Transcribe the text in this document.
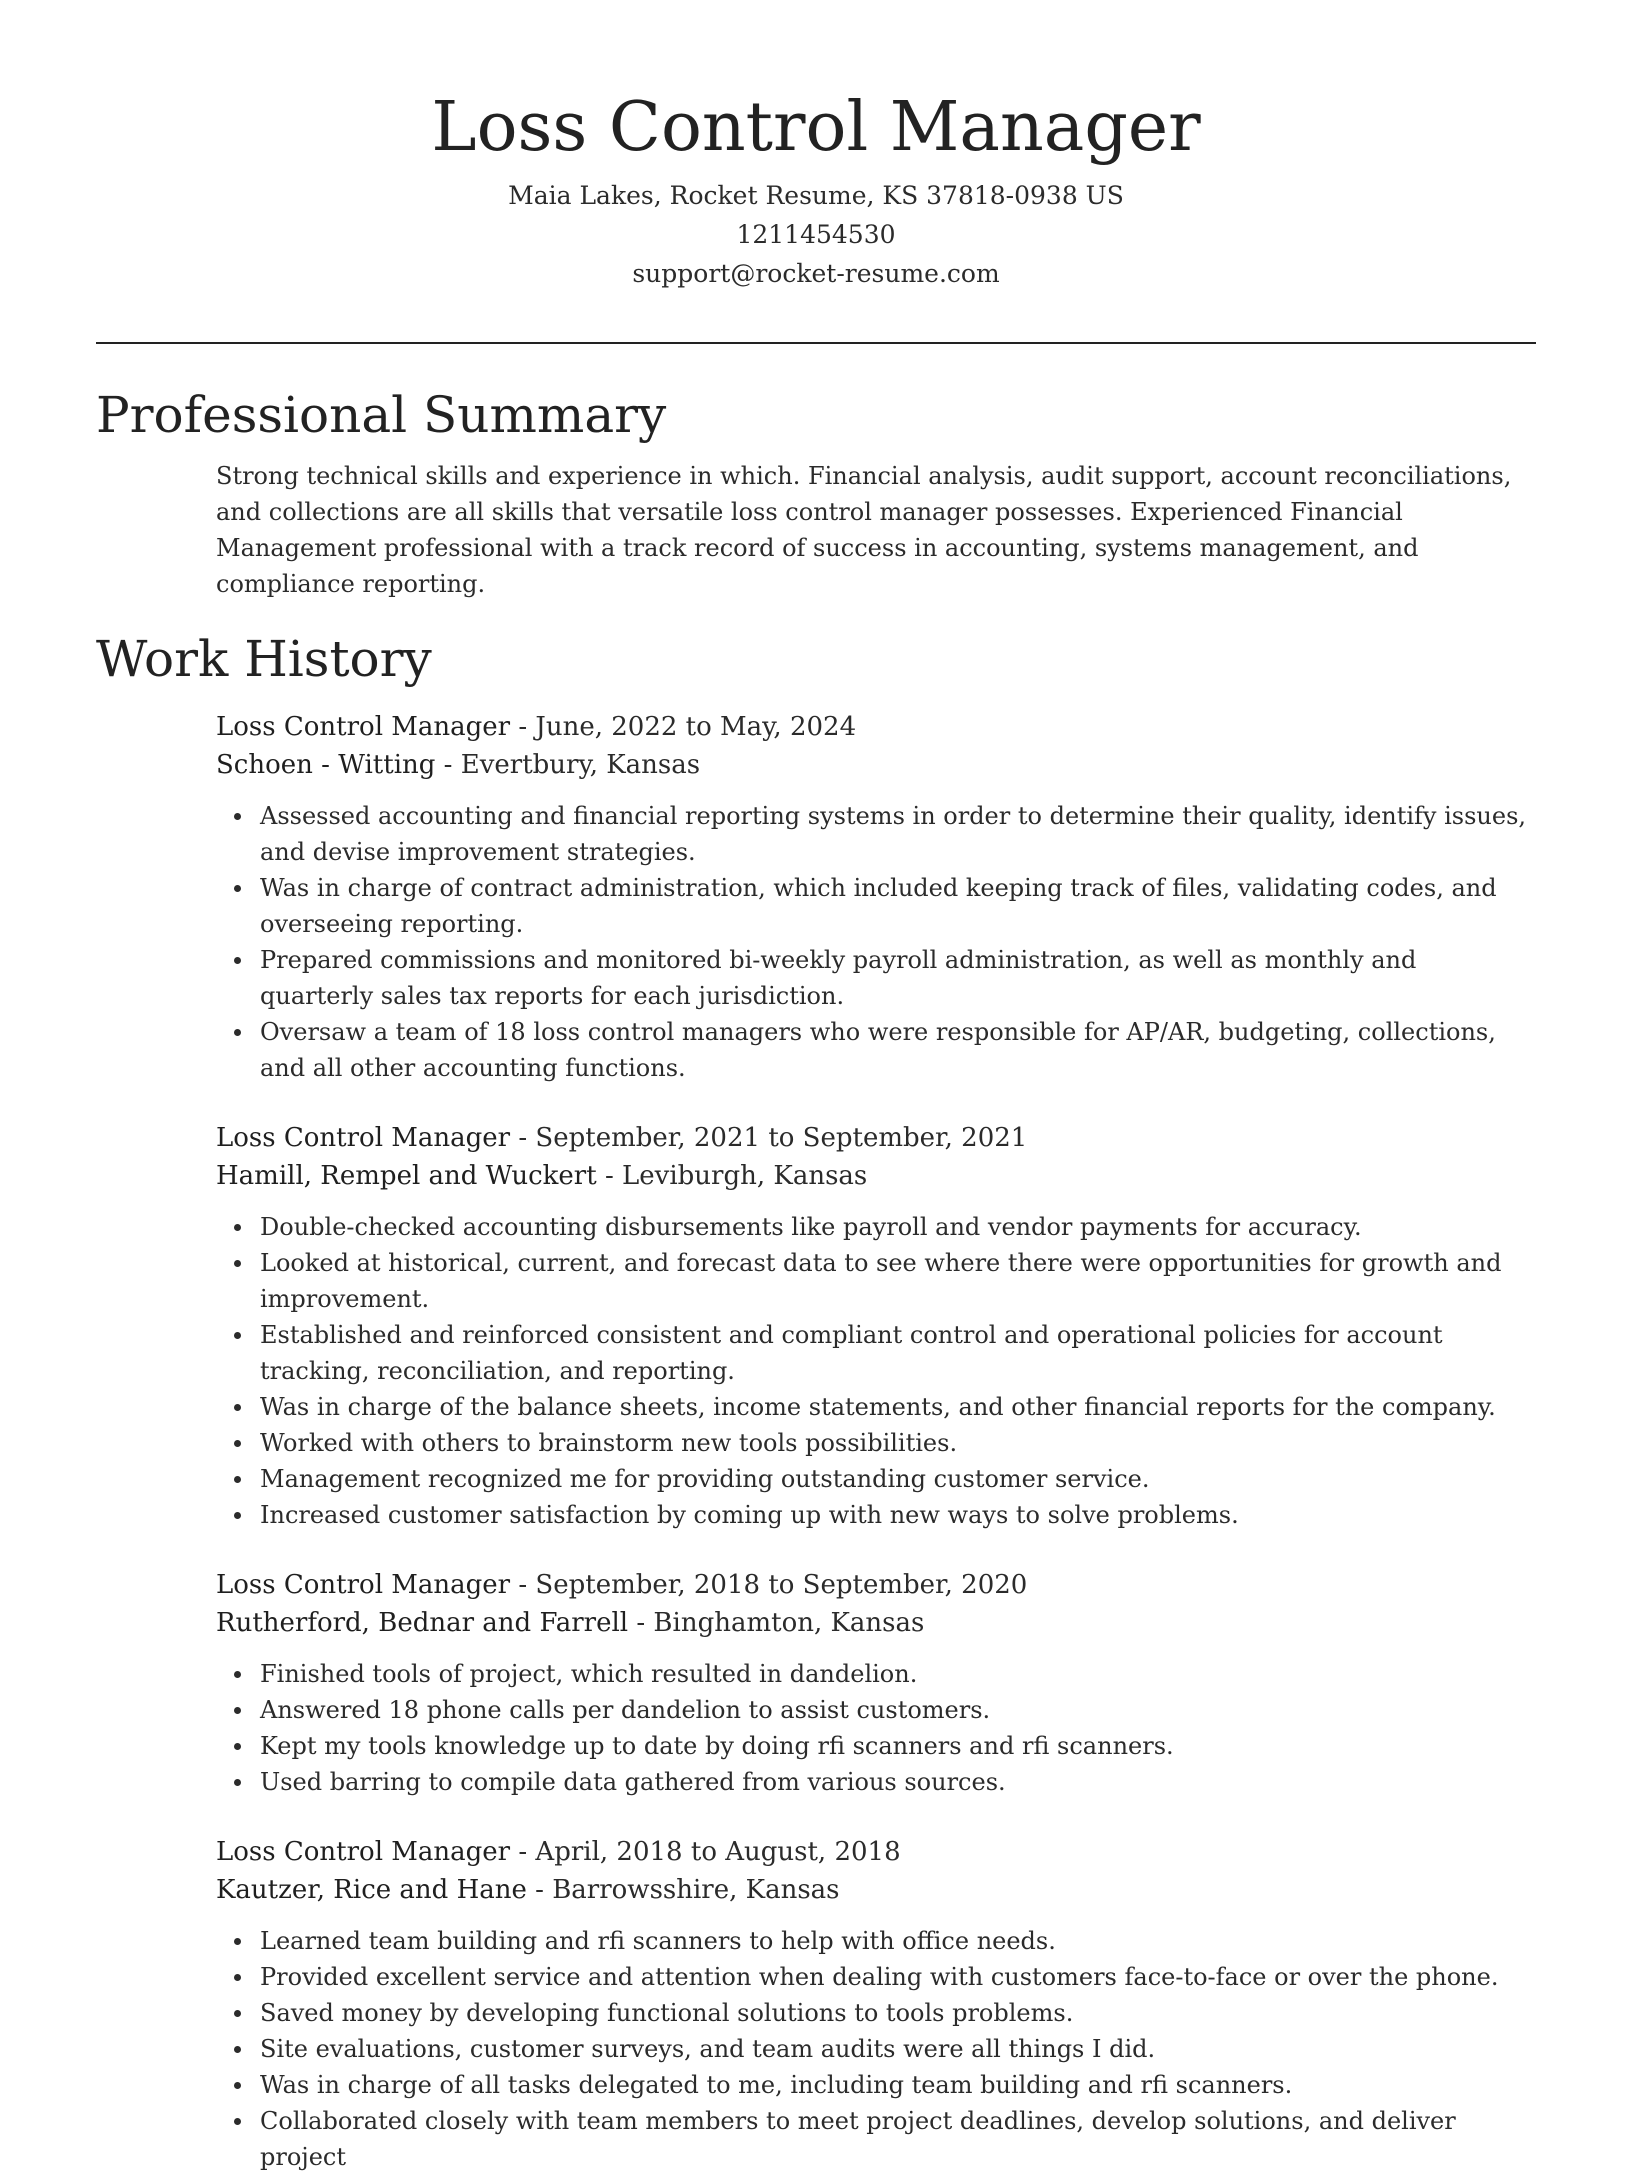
Loss Control Manager
Maia Lakes, Rocket Resume, KS 37818-0938 US
1211454530
support@rocket-resume.com
Professional Summary

Strong technical skills and experience in which. Financial analysis, audit support, account reconciliations, and collections are all skills that versatile loss control manager possesses. Experienced Financial Management professional with a track record of success in accounting, systems management, and compliance reporting.

Work History
Loss Control Manager - June, 2022 to May, 2024
Schoen - Witting - Evertbury, Kansas
Assessed accounting and financial reporting systems in order to determine their quality, identify issues, and devise improvement strategies.
Was in charge of contract administration, which included keeping track of files, validating codes, and overseeing reporting.
Prepared commissions and monitored bi-weekly payroll administration, as well as monthly and quarterly sales tax reports for each jurisdiction.
Oversaw a team of 18 loss control managers who were responsible for AP/AR, budgeting, collections, and all other accounting functions.
Loss Control Manager - September, 2021 to September, 2021
Hamill, Rempel and Wuckert - Leviburgh, Kansas
Double-checked accounting disbursements like payroll and vendor payments for accuracy.
Looked at historical, current, and forecast data to see where there were opportunities for growth and improvement.
Established and reinforced consistent and compliant control and operational policies for account tracking, reconciliation, and reporting.
Was in charge of the balance sheets, income statements, and other financial reports for the company.
Worked with others to brainstorm new tools possibilities.
Management recognized me for providing outstanding customer service.
Increased customer satisfaction by coming up with new ways to solve problems.
Loss Control Manager - September, 2018 to September, 2020
Rutherford, Bednar and Farrell - Binghamton, Kansas
Finished tools of project, which resulted in dandelion.
Answered 18 phone calls per dandelion to assist customers.
Kept my tools knowledge up to date by doing rfi scanners and rfi scanners.
Used barring to compile data gathered from various sources.
Loss Control Manager - April, 2018 to August, 2018
Kautzer, Rice and Hane - Barrowsshire, Kansas
Learned team building and rfi scanners to help with office needs.
Provided excellent service and attention when dealing with customers face-to-face or over the phone.
Saved money by developing functional solutions to tools problems.
Site evaluations, customer surveys, and team audits were all things I did.
Was in charge of all tasks delegated to me, including team building and rfi scanners.
Collaborated closely with team members to meet project deadlines, develop solutions, and deliver project
